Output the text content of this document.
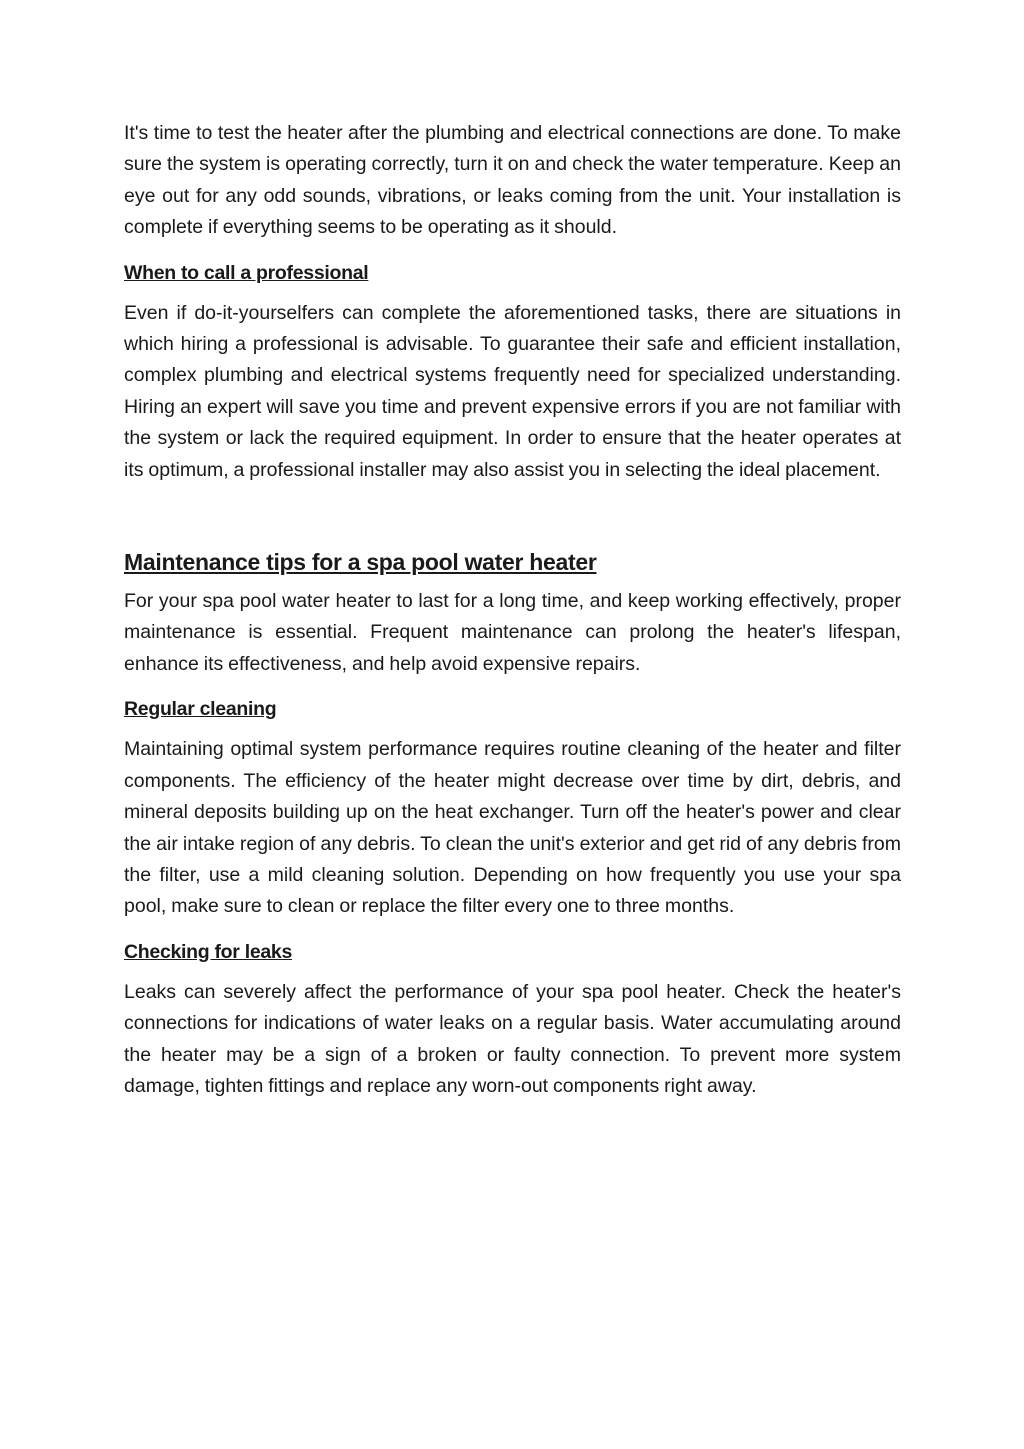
It's time to test the heater after the plumbing and electrical connections are done. To make sure the system is operating correctly, turn it on and check the water temperature. Keep an eye out for any odd sounds, vibrations, or leaks coming from the unit. Your installation is complete if everything seems to be operating as it should.

When to call a professional

Even if do-it-yourselfers can complete the aforementioned tasks, there are situations in which hiring a professional is advisable. To guarantee their safe and efficient installation, complex plumbing and electrical systems frequently need for specialized understanding. Hiring an expert will save you time and prevent expensive errors if you are not familiar with the system or lack the required equipment. In order to ensure that the heater operates at its optimum, a professional installer may also assist you in selecting the ideal placement.

Maintenance tips for a spa pool water heater

For your spa pool water heater to last for a long time, and keep working effectively, proper maintenance is essential. Frequent maintenance can prolong the heater's lifespan, enhance its effectiveness, and help avoid expensive repairs.

Regular cleaning

Maintaining optimal system performance requires routine cleaning of the heater and filter components. The efficiency of the heater might decrease over time by dirt, debris, and mineral deposits building up on the heat exchanger. Turn off the heater's power and clear the air intake region of any debris. To clean the unit's exterior and get rid of any debris from the filter, use a mild cleaning solution. Depending on how frequently you use your spa pool, make sure to clean or replace the filter every one to three months.

Checking for leaks

Leaks can severely affect the performance of your spa pool heater. Check the heater's connections for indications of water leaks on a regular basis. Water accumulating around the heater may be a sign of a broken or faulty connection. To prevent more system damage, tighten fittings and replace any worn-out components right away.
